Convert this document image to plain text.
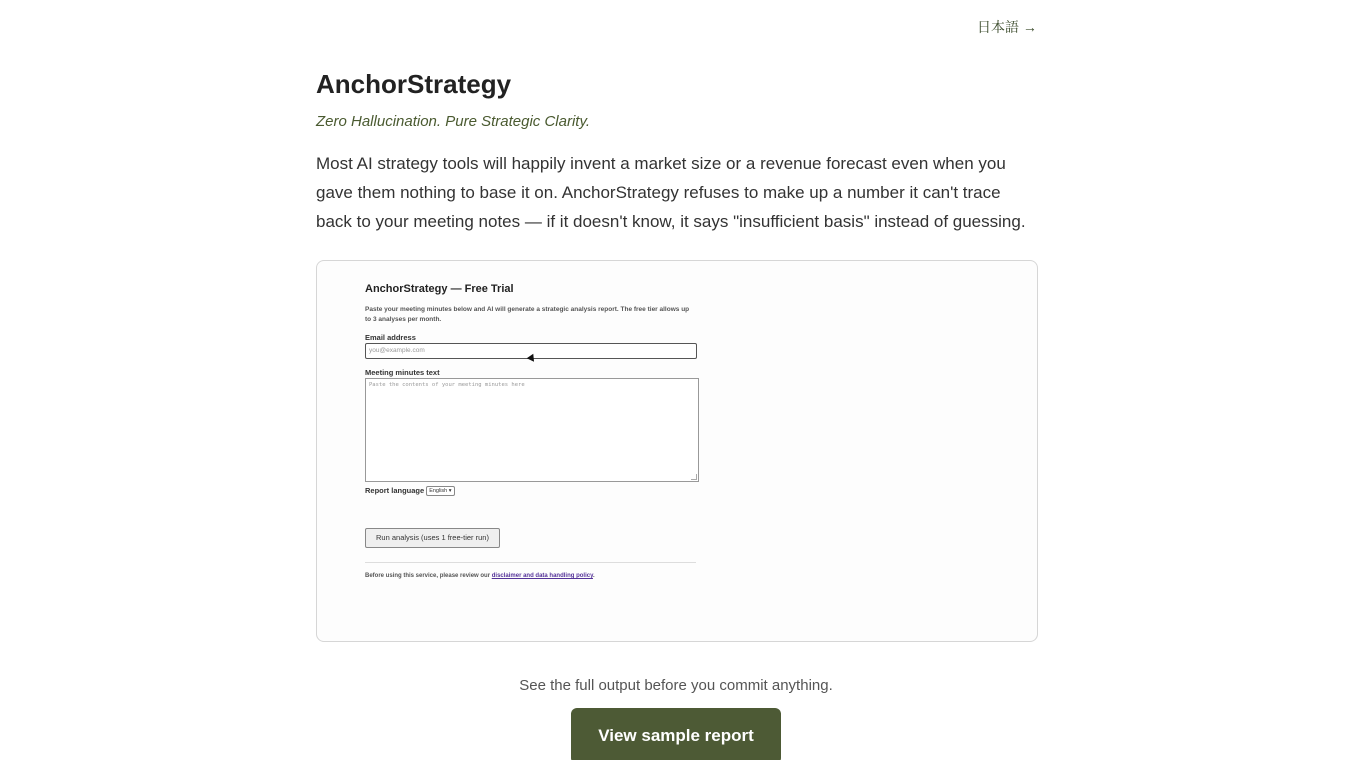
日本語 →
AnchorStrategy

Zero Hallucination. Pure Strategic Clarity.

Most AI strategy tools will happily invent a market size or a revenue forecast even when you gave them nothing to base it on. AnchorStrategy refuses to make up a number it can't trace back to your meeting notes — if it doesn't know, it says "insufficient basis" instead of guessing.

AnchorStrategy — Free Trial
Paste your meeting minutes below and AI will generate a strategic analysis report. The free tier allows up to 3 analyses per month.
Email address
you@example.com
Meeting minutes text
Paste the contents of your meeting minutes here
Report language English ▾
Run analysis (uses 1 free-tier run)
Before using this service, please review our disclaimer and data handling policy.

See the full output before you commit anything.

View sample report
